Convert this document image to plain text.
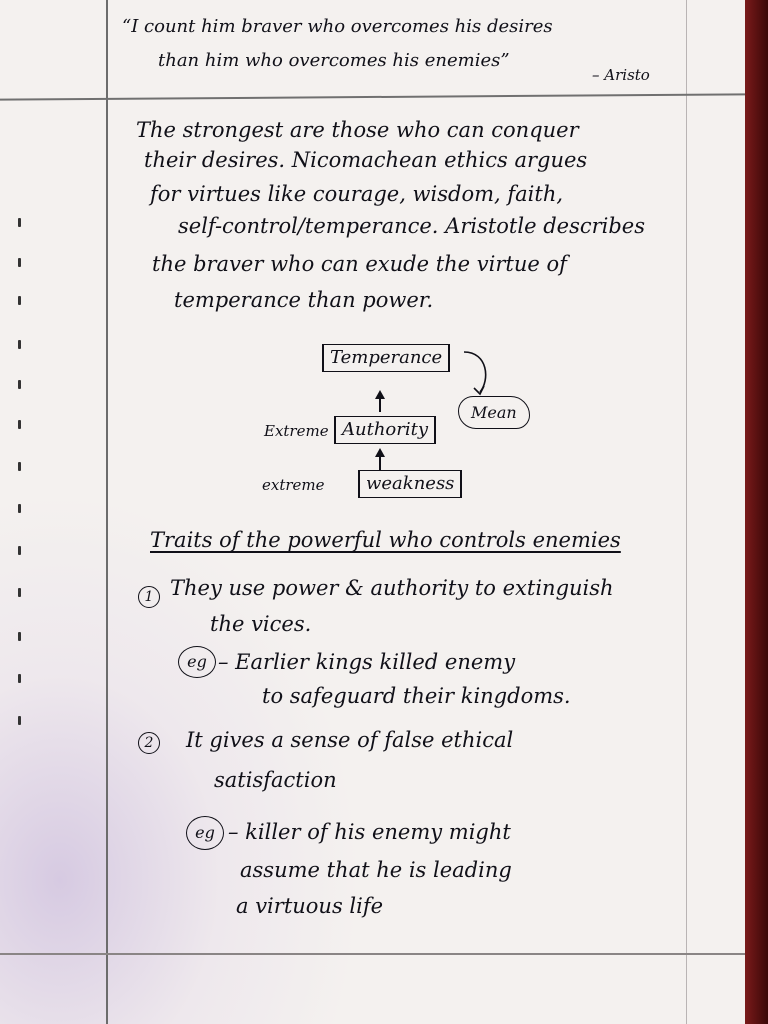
“I count him braver who overcomes his desires
than him who overcomes his enemies”
– Aristo
The strongest are those who can conquer
their desires. Nicomachean ethics argues
for virtues like courage, wisdom, faith,
self-control/temperance. Aristotle describes
the braver who can exude the virtue of
temperance than power.
Temperance
Mean
Extreme Authority
extreme	weakness
Traits of the powerful who controls enemies
1 They use power & authority to extinguish
the vices.
eg – Earlier kings killed enemy
to safeguard their kingdoms.
2	It gives a sense of false ethical
satisfaction
eg – killer of his enemy might
assume that he is leading
a virtuous life
